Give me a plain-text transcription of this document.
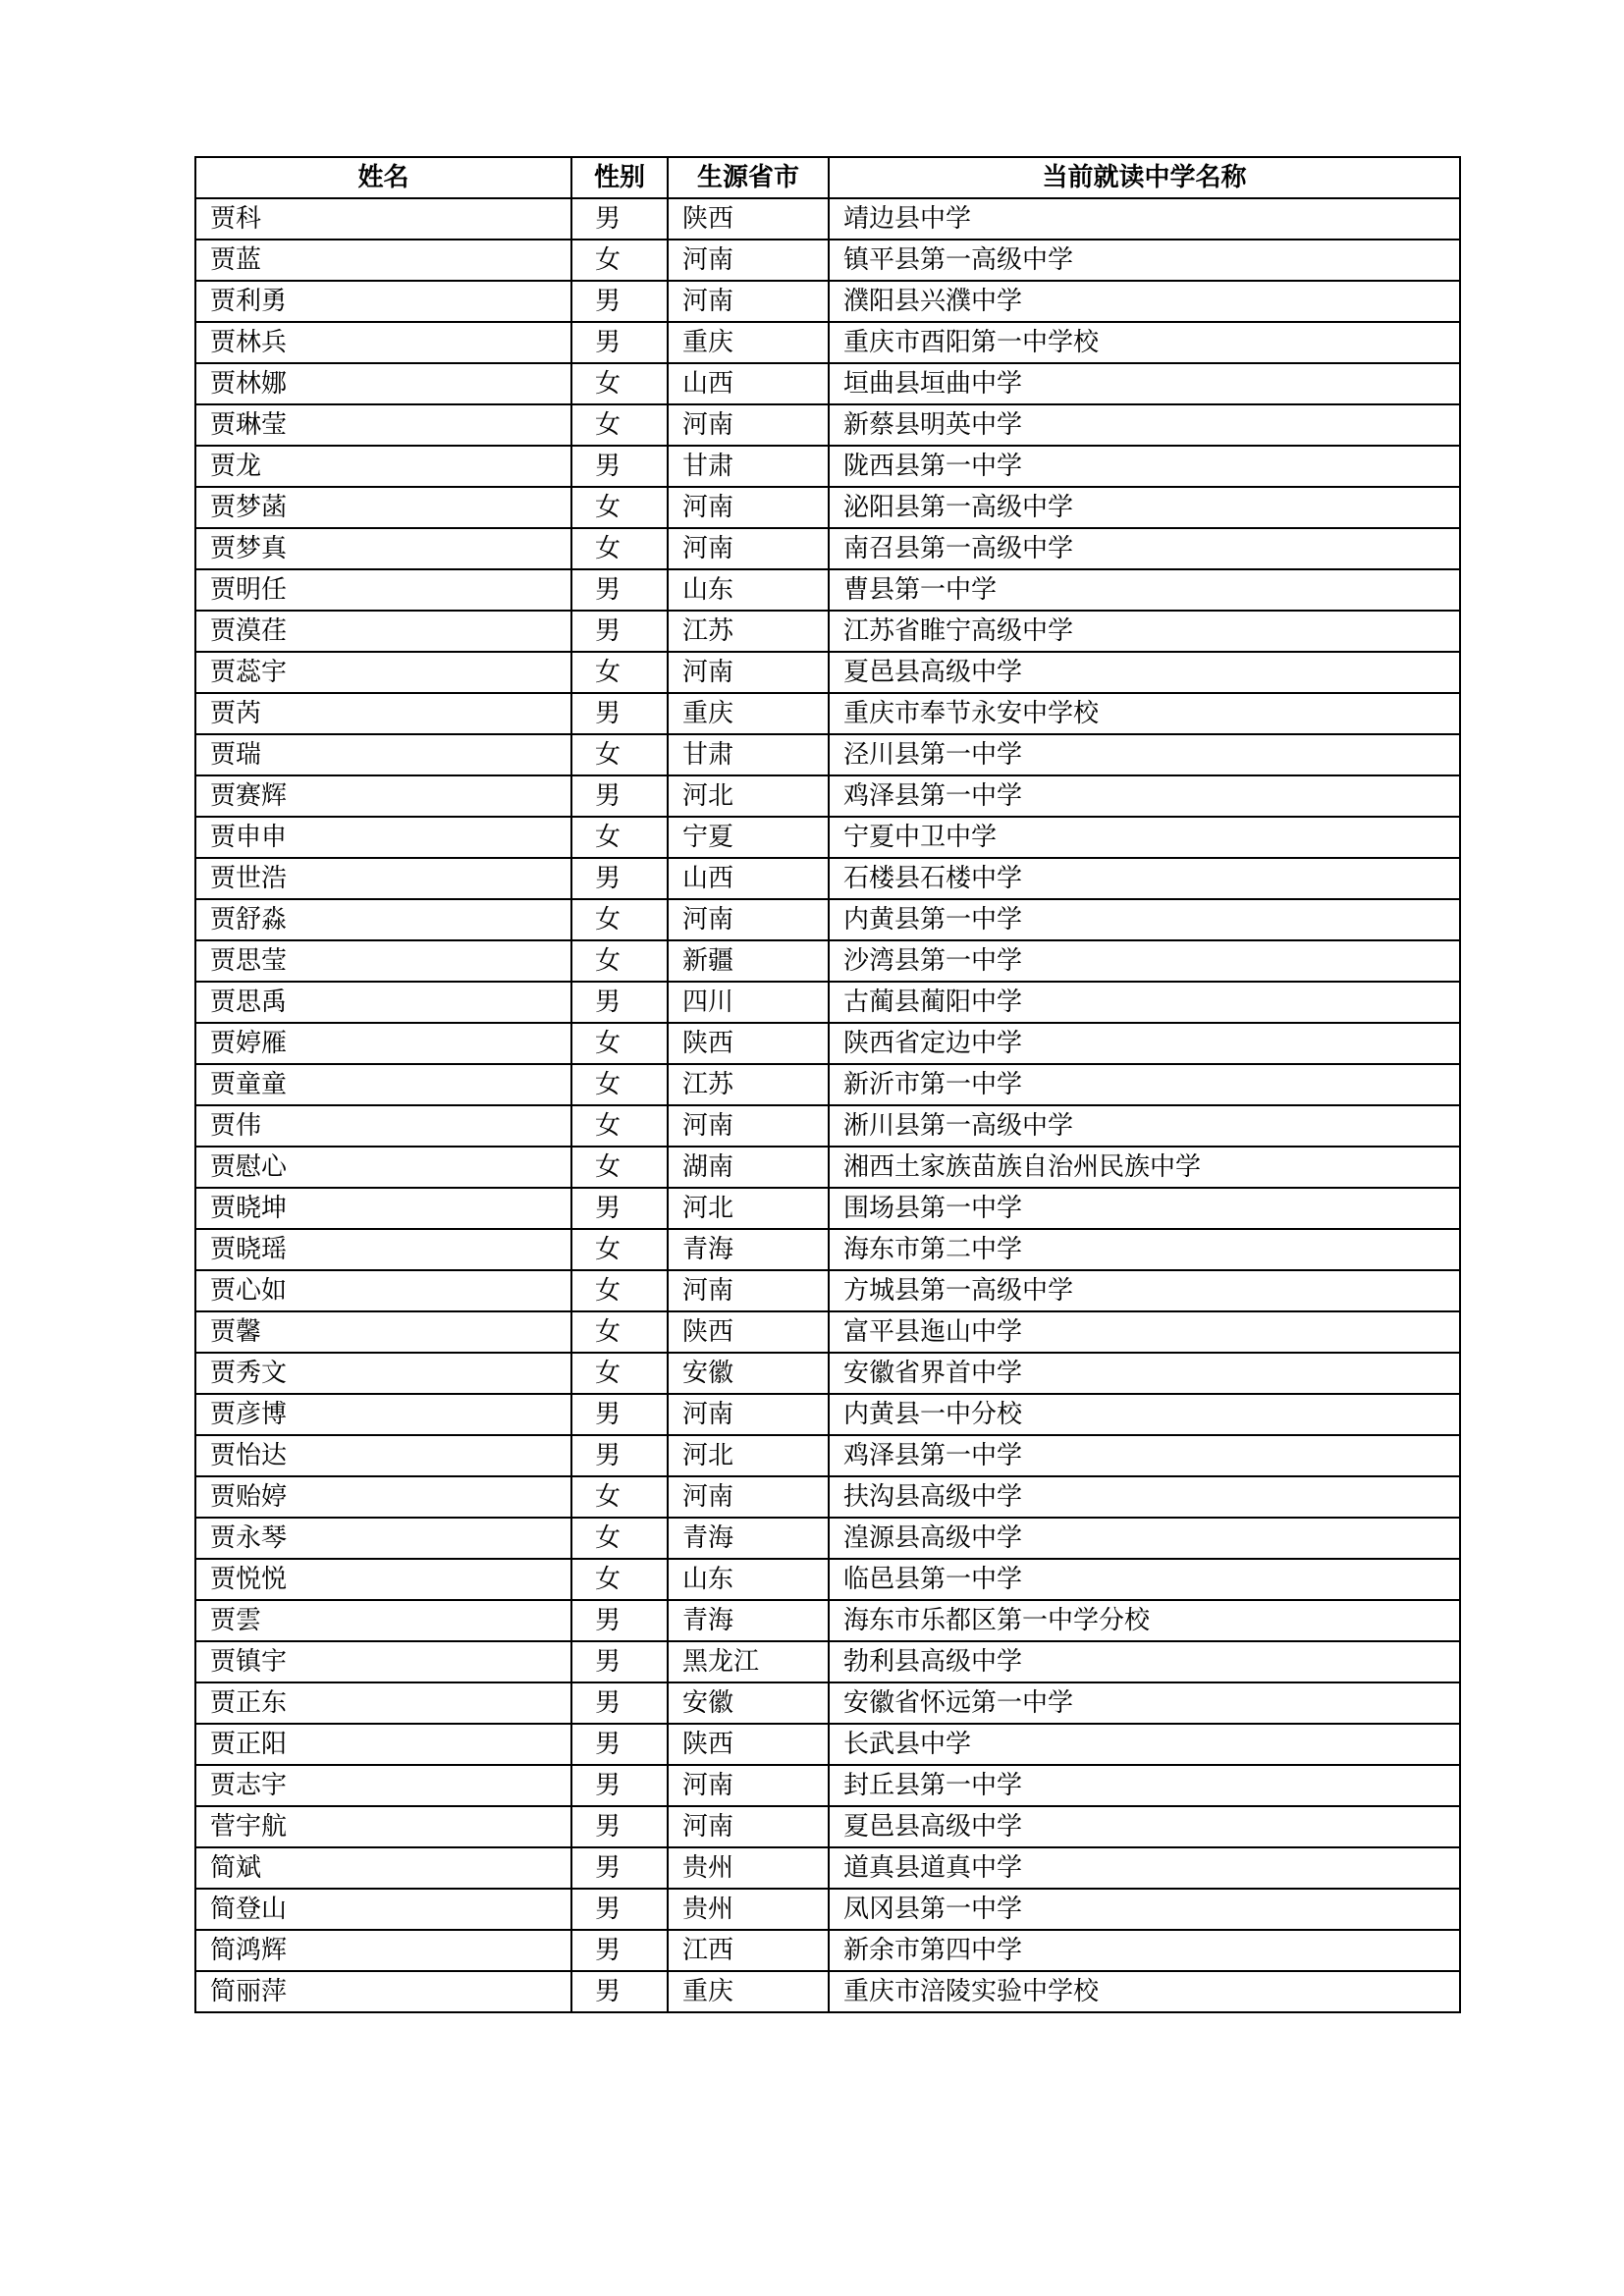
姓名	性别	生源省市	当前就读中学名称
贾科	男	陕西	靖边县中学
贾蓝	女	河南	镇平县第一高级中学
贾利勇	男	河南	濮阳县兴濮中学
贾林兵	男	重庆	重庆市酉阳第一中学校
贾林娜	女	山西	垣曲县垣曲中学
贾琳莹	女	河南	新蔡县明英中学
贾龙	男	甘肃	陇西县第一中学
贾梦菡	女	河南	泌阳县第一高级中学
贾梦真	女	河南	南召县第一高级中学
贾明任	男	山东	曹县第一中学
贾漠荏	男	江苏	江苏省睢宁高级中学
贾蕊宇	女	河南	夏邑县高级中学
贾芮	男	重庆	重庆市奉节永安中学校
贾瑞	女	甘肃	泾川县第一中学
贾赛辉	男	河北	鸡泽县第一中学
贾申申	女	宁夏	宁夏中卫中学
贾世浩	男	山西	石楼县石楼中学
贾舒淼	女	河南	内黄县第一中学
贾思莹	女	新疆	沙湾县第一中学
贾思禹	男	四川	古蔺县蔺阳中学
贾婷雁	女	陕西	陕西省定边中学
贾童童	女	江苏	新沂市第一中学
贾伟	女	河南	淅川县第一高级中学
贾慰心	女	湖南	湘西土家族苗族自治州民族中学
贾晓坤	男	河北	围场县第一中学
贾晓瑶	女	青海	海东市第二中学
贾心如	女	河南	方城县第一高级中学
贾馨	女	陕西	富平县迤山中学
贾秀文	女	安徽	安徽省界首中学
贾彦博	男	河南	内黄县一中分校
贾怡达	男	河北	鸡泽县第一中学
贾贻婷	女	河南	扶沟县高级中学
贾永琴	女	青海	湟源县高级中学
贾悦悦	女	山东	临邑县第一中学
贾雲	男	青海	海东市乐都区第一中学分校
贾镇宇	男	黑龙江	勃利县高级中学
贾正东	男	安徽	安徽省怀远第一中学
贾正阳	男	陕西	长武县中学
贾志宇	男	河南	封丘县第一中学
菅宇航	男	河南	夏邑县高级中学
简斌	男	贵州	道真县道真中学
简登山	男	贵州	凤冈县第一中学
简鸿辉	男	江西	新余市第四中学
简丽萍	男	重庆	重庆市涪陵实验中学校
